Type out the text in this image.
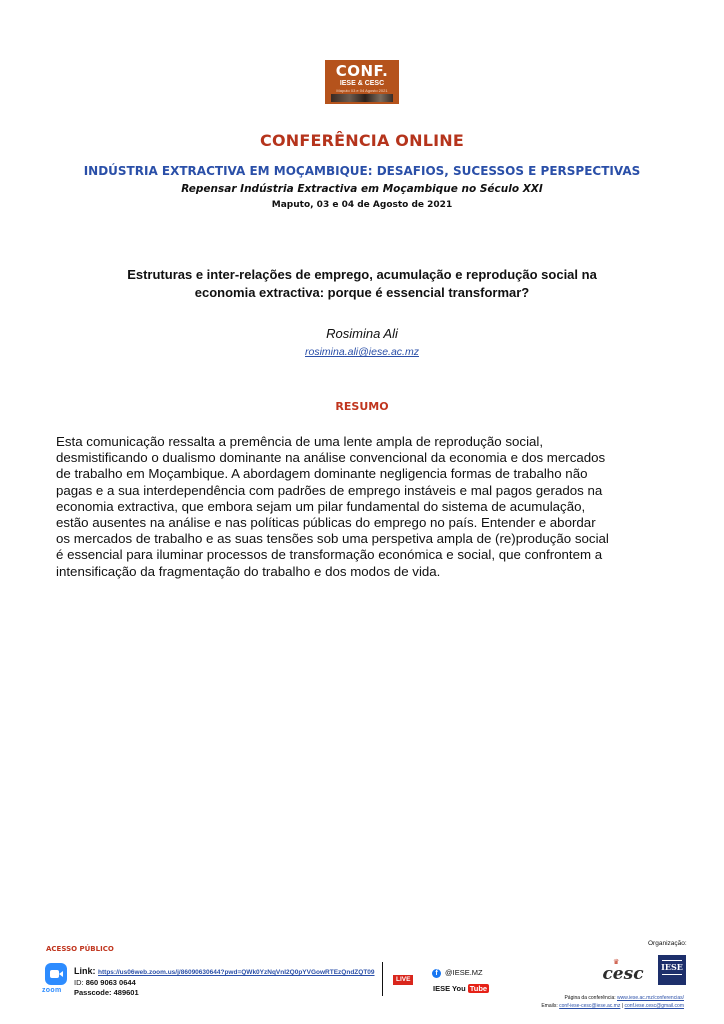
CONF.
IESE & CESC
Maputo 03 e 04 Agosto 2021
CONFERÊNCIA ONLINE
INDÚSTRIA EXTRACTIVA EM MOÇAMBIQUE: DESAFIOS, SUCESSOS E PERSPECTIVAS
Repensar Indústria Extractiva em Moçambique no Século XXI
Maputo, 03 e 04 de Agosto de 2021
Estruturas e inter-relações de emprego, acumulação e reprodução social na
economia extractiva: porque é essencial transformar?
Rosimina Ali
rosimina.ali@iese.ac.mz
RESUMO
Esta comunicação ressalta a premência de uma lente ampla de reprodução social,
desmistificando o dualismo dominante na análise convencional da economia e dos mercados
de trabalho em Moçambique. A abordagem dominante negligencia formas de trabalho não
pagas e a sua interdependência com padrões de emprego instáveis e mal pagos gerados na
economia extractiva, que embora sejam um pilar fundamental do sistema de acumulação,
estão ausentes na análise e nas políticas públicas do emprego no país. Entender e abordar
os mercados de trabalho e as suas tensões sob uma perspetiva ampla de (re)produção social
é essencial para iluminar processos de transformação económica e social, que confrontem a
intensificação da fragmentação do trabalho e dos modos de vida.
ACESSO PÚBLICO
zoom
Link: https://us06web.zoom.us/j/86090630644?pwd=QWk0YzNqVnI2Q0pYVGowRTEzQndZQT09
ID: 860 9063 0644
Passcode: 489601
LIVE
f @IESE.MZ
IESE You Tube
Organização:
♛
cesc	IESE
Página da conferência: www.iese.ac.mz/conferencias/
Emails: conf-iese-cesc@iese.ac.mz | conf.iese.cesc@gmail.com
